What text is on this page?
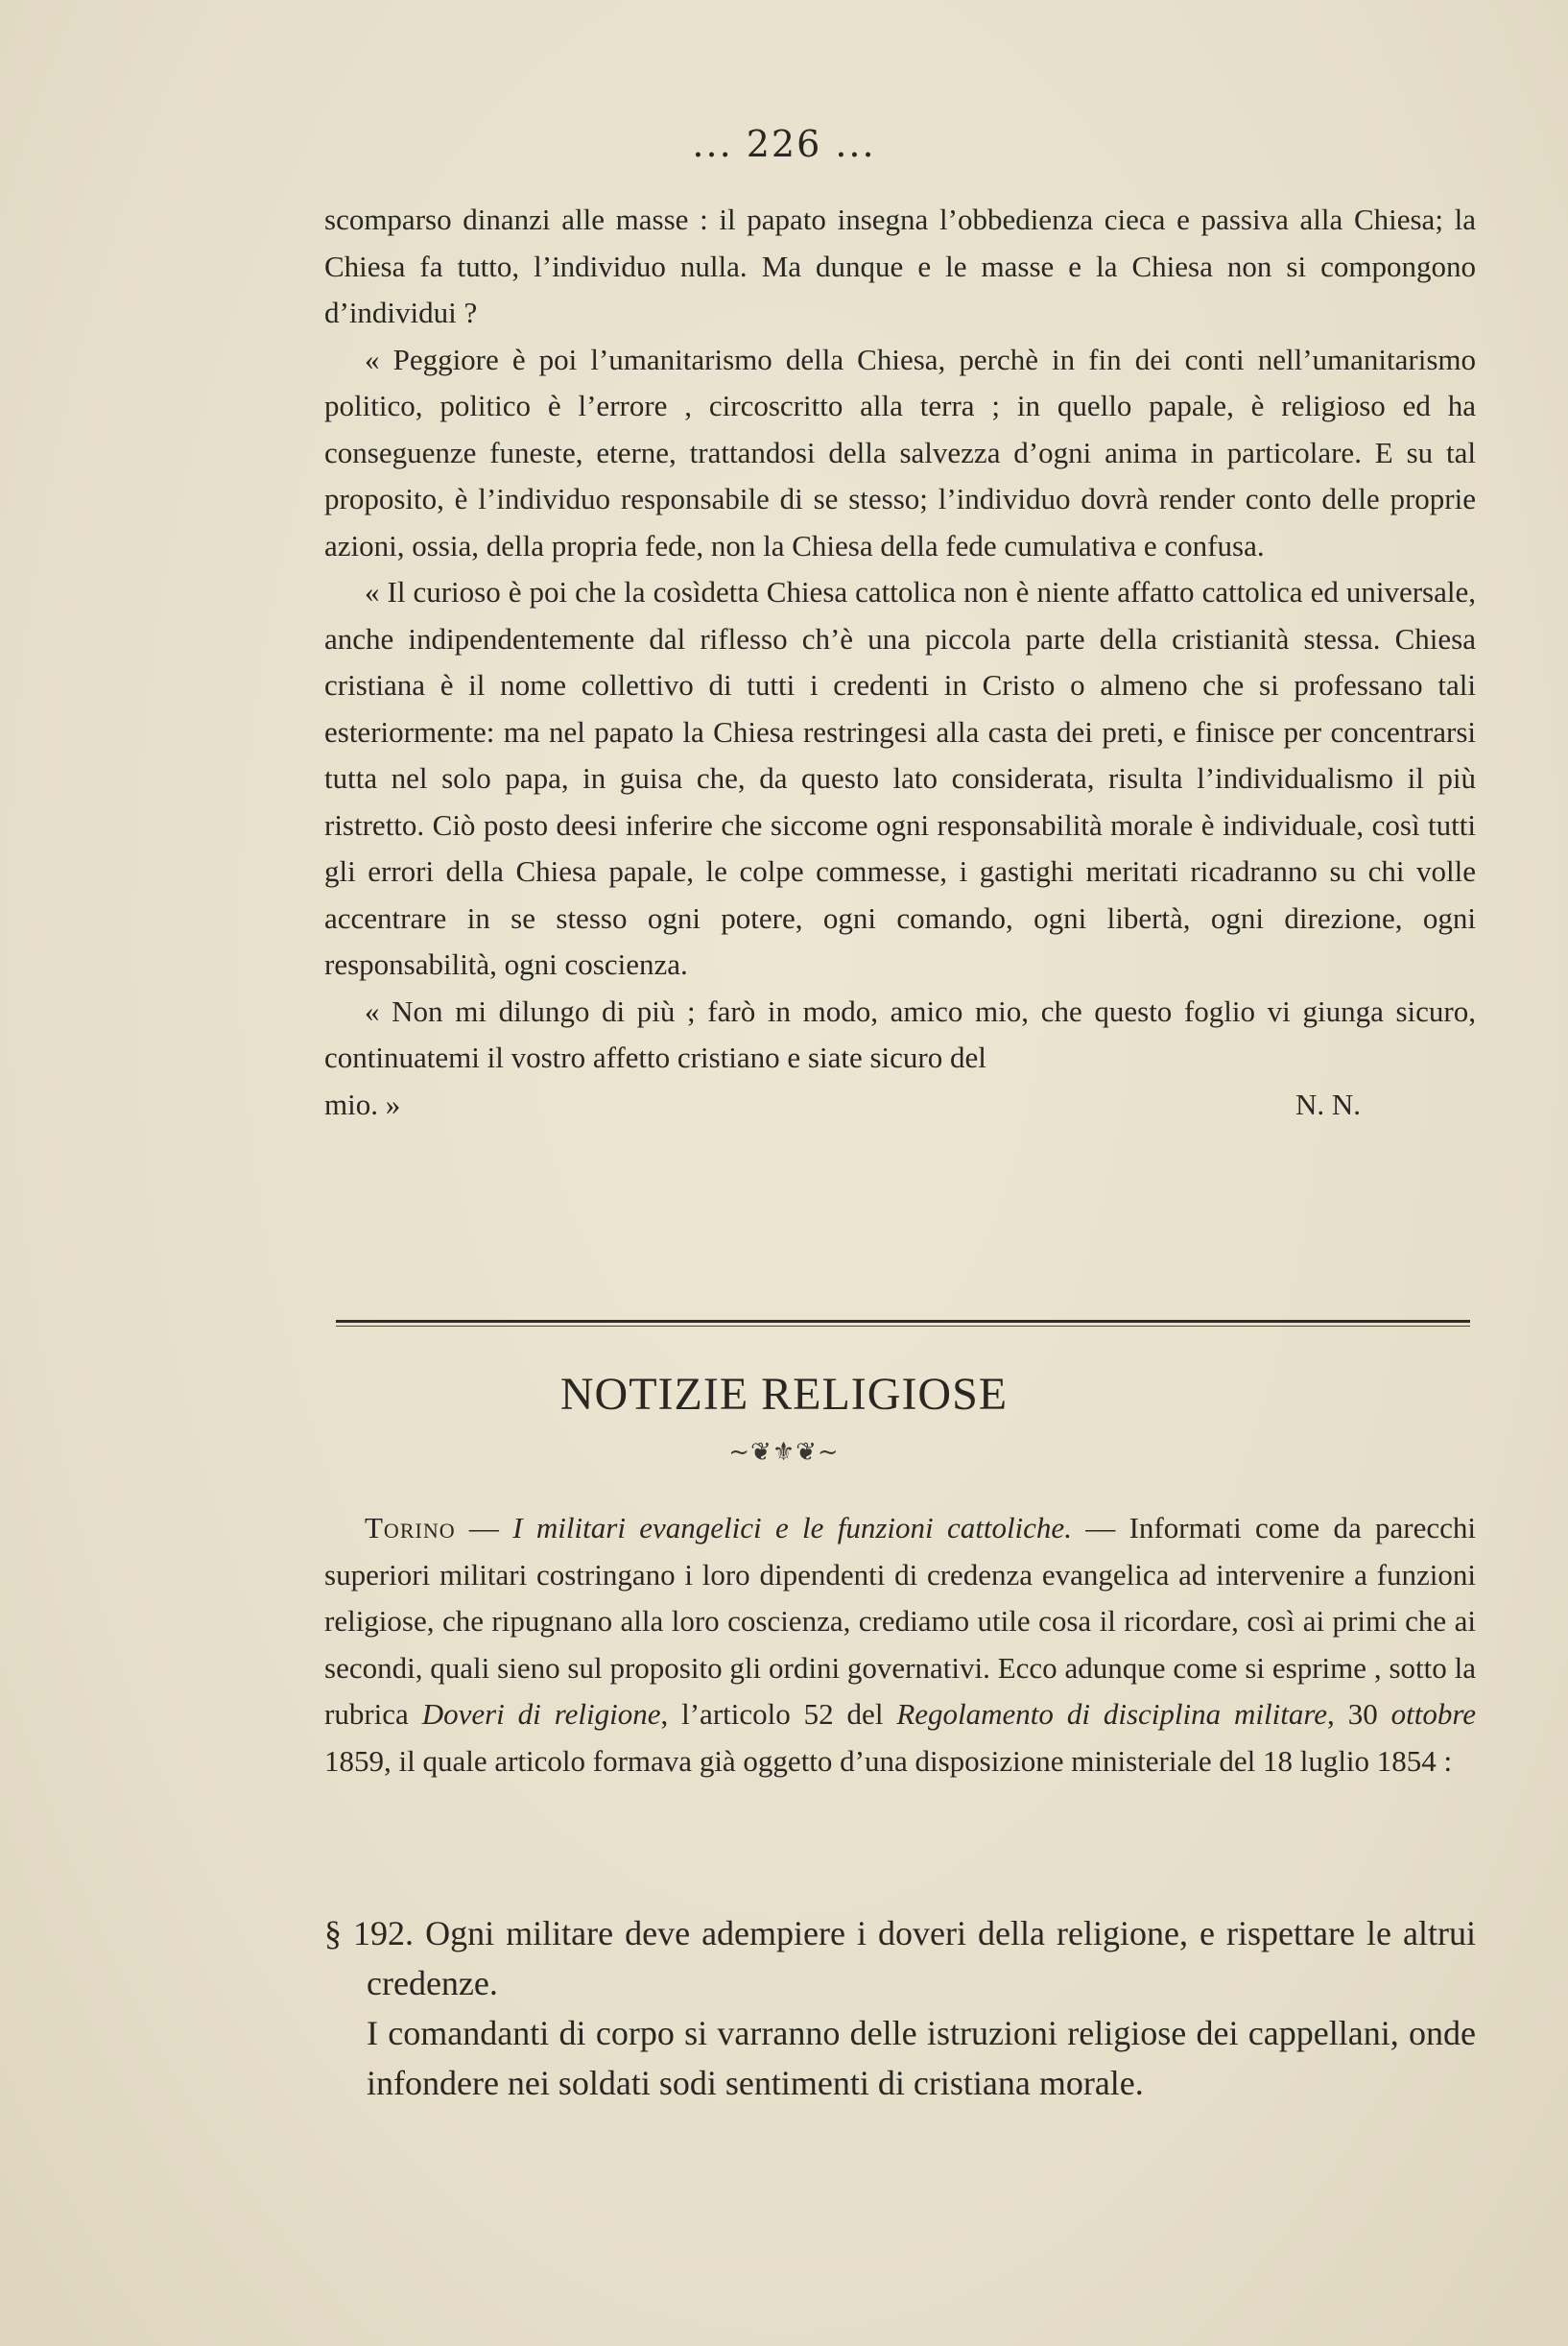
... 226 ...

scomparso dinanzi alle masse : il papato insegna l’obbedienza cieca e passiva alla Chiesa; la Chiesa fa tutto, l’individuo nulla. Ma dunque e le masse e la Chiesa non si compongono d’individui ?

« Peggiore è poi l’umanitarismo della Chiesa, perchè in fin dei conti nell’umanitarismo politico, politico è l’errore , circoscritto alla terra ; in quello papale, è religioso ed ha conseguenze funeste, eterne, trattandosi della salvezza d’ogni anima in particolare. E su tal proposito, è l’individuo responsabile di se stesso; l’individuo dovrà render conto delle proprie azioni, ossia, della propria fede, non la Chiesa della fede cumulativa e confusa.

« Il curioso è poi che la cosìdetta Chiesa cattolica non è niente affatto cattolica ed universale, anche indipendentemente dal riflesso ch’è una piccola parte della cristianità stessa. Chiesa cristiana è il nome collettivo di tutti i credenti in Cristo o almeno che si professano tali esteriormente: ma nel papato la Chiesa restringesi alla casta dei preti, e finisce per concentrarsi tutta nel solo papa, in guisa che, da questo lato considerata, risulta l’individualismo il più ristretto. Ciò posto deesi inferire che siccome ogni responsabilità morale è individuale, così tutti gli errori della Chiesa papale, le colpe commesse, i gastighi meritati ricadranno su chi volle accentrare in se stesso ogni potere, ogni comando, ogni libertà, ogni direzione, ogni responsabilità, ogni coscienza.

« Non mi dilungo di più ; farò in modo, amico mio, che questo foglio vi giunga sicuro, continuatemi il vostro affetto cristiano e siate sicuro del

mio. »	N. N.
NOTIZIE RELIGIOSE
~❦⚜❦~

Torino — I militari evangelici e le funzioni cattoliche. — Informati come da parecchi superiori militari costringano i loro dipendenti di credenza evangelica ad intervenire a funzioni religiose, che ripugnano alla loro coscienza, crediamo utile cosa il ricordare, così ai primi che ai secondi, quali sieno sul proposito gli ordini governativi. Ecco adunque come si esprime , sotto la rubrica Doveri di religione, l’articolo 52 del Regolamento di disciplina militare, 30 ottobre 1859, il quale articolo formava già oggetto d’una disposizione ministeriale del 18 luglio 1854 :

§ 192. Ogni militare deve adempiere i doveri della religione, e rispettare le altrui credenze.

I comandanti di corpo si varranno delle istruzioni religiose dei cappellani, onde infondere nei soldati sodi sentimenti di cristiana morale.
